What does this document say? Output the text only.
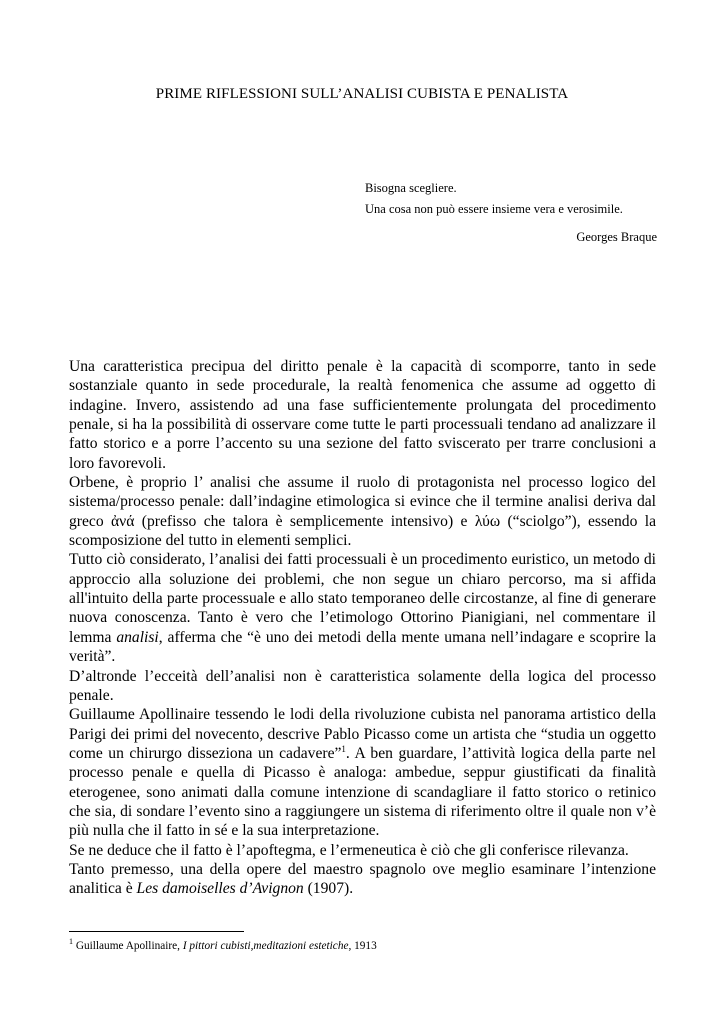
PRIME RIFLESSIONI SULL’ANALISI CUBISTA E PENALISTA
Bisogna scegliere.
Una cosa non può essere insieme vera e verosimile.
Georges Braque

Una caratteristica precipua del diritto penale è la capacità di scomporre, tanto in sede sostanziale quanto in sede procedurale, la realtà fenomenica che assume ad oggetto di indagine. Invero, assistendo ad una fase sufficientemente prolungata del procedimento penale, si ha la possibilità di osservare come tutte le parti processuali tendano ad analizzare il fatto storico e a porre l’accento su una sezione del fatto sviscerato per trarre conclusioni a loro favorevoli.

Orbene, è proprio l’ analisi che assume il ruolo di protagonista nel processo logico del sistema/processo penale: dall’indagine etimologica si evince che il termine analisi deriva dal greco ἀνά (prefisso che talora è semplicemente intensivo) e λύω (“sciolgo”), essendo la scomposizione del tutto in elementi semplici.

Tutto ciò considerato, l’analisi dei fatti processuali è un procedimento euristico, un metodo di approccio alla soluzione dei problemi, che non segue un chiaro percorso, ma si affida all'intuito della parte processuale e allo stato temporaneo delle circostanze, al fine di generare nuova conoscenza. Tanto è vero che l’etimologo Ottorino Pianigiani, nel commentare il lemma analisi, afferma che “è uno dei metodi della mente umana nell’indagare e scoprire la verità”.

D’altronde l’ecceità dell’analisi non è caratteristica solamente della logica del processo penale.

Guillaume Apollinaire tessendo le lodi della rivoluzione cubista nel panorama artistico della Parigi dei primi del novecento, descrive Pablo Picasso come un artista che “studia un oggetto come un chirurgo disseziona un cadavere”$^1$. A ben guardare, l’attività logica della parte nel processo penale e quella di Picasso è analoga: ambedue, seppur giustificati da finalità eterogenee, sono animati dalla comune intenzione di scandagliare il fatto storico o retinico che sia, di sondare l’evento sino a raggiungere un sistema di riferimento oltre il quale non v’è più nulla che il fatto in sé e la sua interpretazione.

Se ne deduce che il fatto è l’apoftegma, e l’ermeneutica è ciò che gli conferisce rilevanza.

Tanto premesso, una della opere del maestro spagnolo ove meglio esaminare l’intenzione analitica è Les damoiselles d’Avignon (1907).

$^1$ Guillaume Apollinaire, I pittori cubisti,meditazioni estetiche, 1913
